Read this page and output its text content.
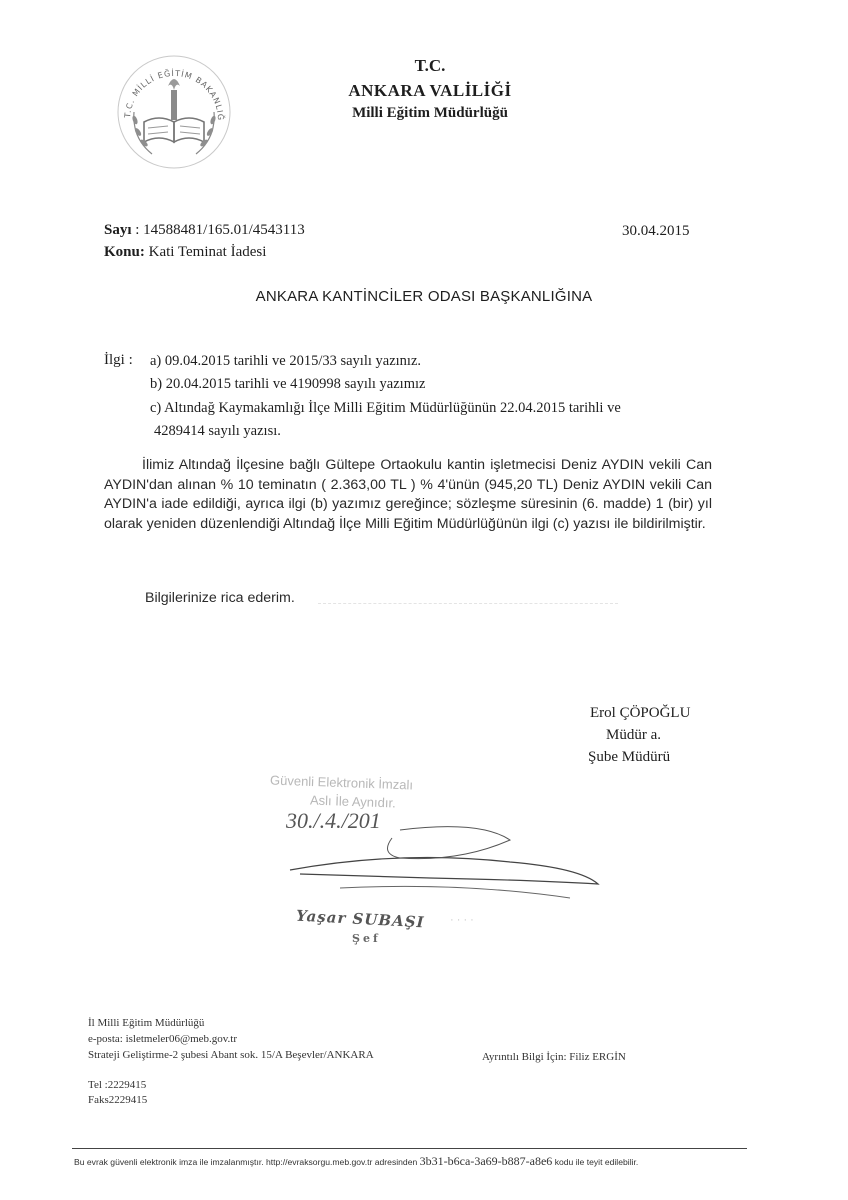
T.C. MİLLİ EĞİTİM BAKANLIĞ
T.C.
ANKARA VALİLİĞİ
Milli Eğitim Müdürlüğü
Sayı : 14588481/165.01/4543113
Konu: Kati Teminat İadesi
30.04.2015
ANKARA KANTİNCİLER ODASI BAŞKANLIĞINA
İlgi : a) 09.04.2015 tarihli ve 2015/33 sayılı yazınız.
b) 20.04.2015 tarihli ve 4190998 sayılı yazımız
c) Altındağ Kaymakamlığı İlçe Milli Eğitim Müdürlüğünün 22.04.2015 tarihli ve
4289414 sayılı yazısı.
İlimiz Altındağ İlçesine bağlı Gültepe Ortaokulu kantin işletmecisi Deniz AYDIN vekili Can AYDIN'dan alınan % 10 teminatın ( 2.363,00 TL ) % 4'ünün (945,20 TL) Deniz AYDIN vekili Can AYDIN'a iade edildiği, ayrıca ilgi (b) yazımız gereğince; sözleşme süresinin (6. madde) 1 (bir) yıl olarak yeniden düzenlendiği Altındağ İlçe Milli Eğitim Müdürlüğünün ilgi (c) yazısı ile bildirilmiştir.
Bilgilerinize rica ederim.
Erol ÇÖPOĞLU
Müdür a.
Şube Müdürü
Güvenli Elektronik İmzalı
Aslı İle Aynıdır.
30./.4./201
Yaşar SUBAŞI
Şef
· · · ·
İl Milli Eğitim Müdürlüğü
e-posta: isletmeler06@meb.gov.tr
Strateji Geliştirme-2 şubesi Abant sok. 15/A Beşevler/ANKARA	Ayrıntılı Bilgi İçin: Filiz ERGİN
Tel :2229415
Faks2229415
Bu evrak güvenli elektronik imza ile imzalanmıştır. http://evraksorgu.meb.gov.tr adresinden 3b31-b6ca-3a69-b887-a8e6 kodu ile teyit edilebilir.
